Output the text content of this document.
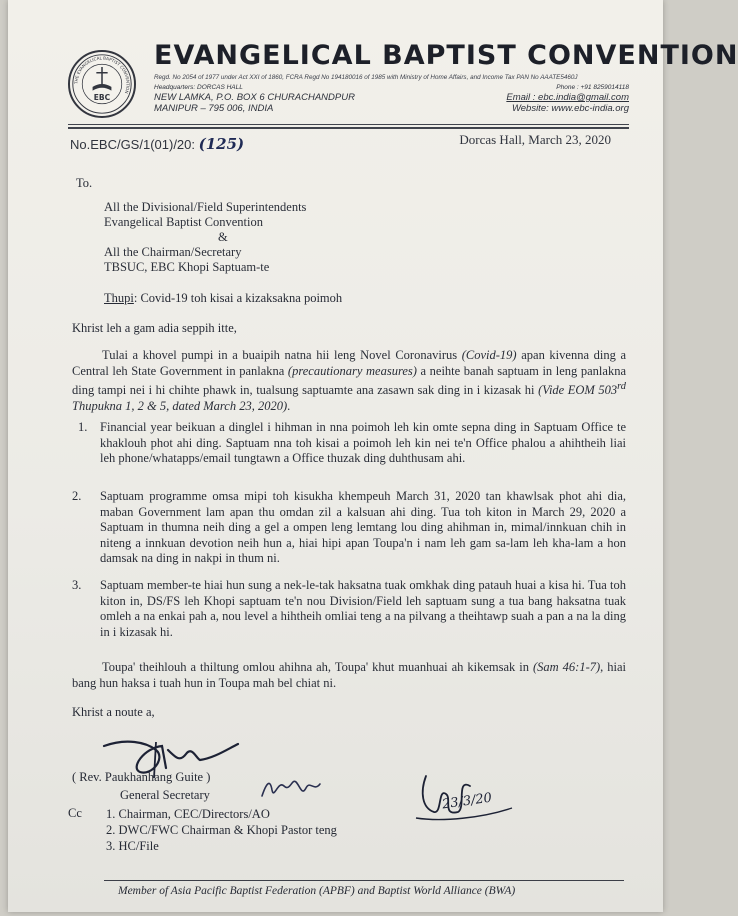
THE EVANGELICAL BAPTIST CONVENTION
EBC
EVANGELICAL BAPTIST CONVENTION
Regd. No 2054 of 1977 under Act XXI of 1860, FCRA Regd No 194180016 of 1985 with Ministry of Home Affairs, and Income Tax PAN No AAATE5460J
Headquarters: DORCAS HALL
NEW LAMKA, P.O. BOX 6 CHURACHANDPUR
MANIPUR – 795 006, INDIA
Phone : +91 8259014118
Email : ebc.india@gmail.com
Website: www.ebc-india.org
No.EBC/GS/1(01)/20: (125)	Dorcas Hall, March 23, 2020
To.
All the Divisional/Field Superintendents
Evangelical Baptist Convention
&
All the Chairman/Secretary
TBSUC, EBC Khopi Saptuam-te
Thupi: Covid-19 toh kisai a kizaksakna poimoh
Khrist leh a gam adia seppih itte,

Tulai a khovel pumpi in a buaipih natna hii leng Novel Coronavirus (Covid-19) apan kivenna ding a Central leh State Government in panlakna (precautionary measures) a neihte banah saptuam in leng panlakna ding tampi nei i hi chihte phawk in, tualsung saptuamte ana zasawn sak ding in i kizasak hi (Vide EOM 503rd Thupukna 1, 2 & 5, dated March 23, 2020).

1. Financial year beikuan a dinglel i hihman in nna poimoh leh kin omte sepna ding in Saptuam Office te khaklouh phot ahi ding. Saptuam nna toh kisai a poimoh leh kin nei te'n Office phalou a ahihtheih liai leh phone/whatapps/email tungtawn a Office thuzak ding duhthusam ahi.

2. Saptuam programme omsa mipi toh kisukha khempeuh March 31, 2020 tan khawlsak phot ahi dia, maban Government lam apan thu omdan zil a kalsuan ahi ding. Tua toh kiton in March 29, 2020 a Saptuam in thumna neih ding a gel a ompen leng lemtang lou ding ahihman in, mimal/innkuan chih in niteng a innkuan devotion neih hun a, hiai hipi apan Toupa'n i nam leh gam sa-lam leh kha-lam a hon damsak na ding in nakpi in thum ni.

3. Saptuam member-te hiai hun sung a nek-le-tak haksatna tuak omkhak ding patauh huai a kisa hi. Tua toh kiton in, DS/FS leh Khopi saptuam te'n nou Division/Field leh saptuam sung a tua bang haksatna tuak omleh a na enkai pah a, nou level a hihtheih omliai teng a na pilvang a theihtawp suah a pan a na la ding in i kizasak hi.

Toupa' theihlouh a thiltung omlou ahihna ah, Toupa' khut muanhuai ah kikemsak in (Sam 46:1-7), hiai bang hun haksa i tuah hun in Toupa mah bel chiat ni.

Khrist a noute a,
23/3/20
( Rev. Paukhanhang Guite )
General Secretary
Cc 1. Chairman, CEC/Directors/AO
2. DWC/FWC Chairman & Khopi Pastor teng
3. HC/File
Member of Asia Pacific Baptist Federation (APBF) and Baptist World Alliance (BWA)
